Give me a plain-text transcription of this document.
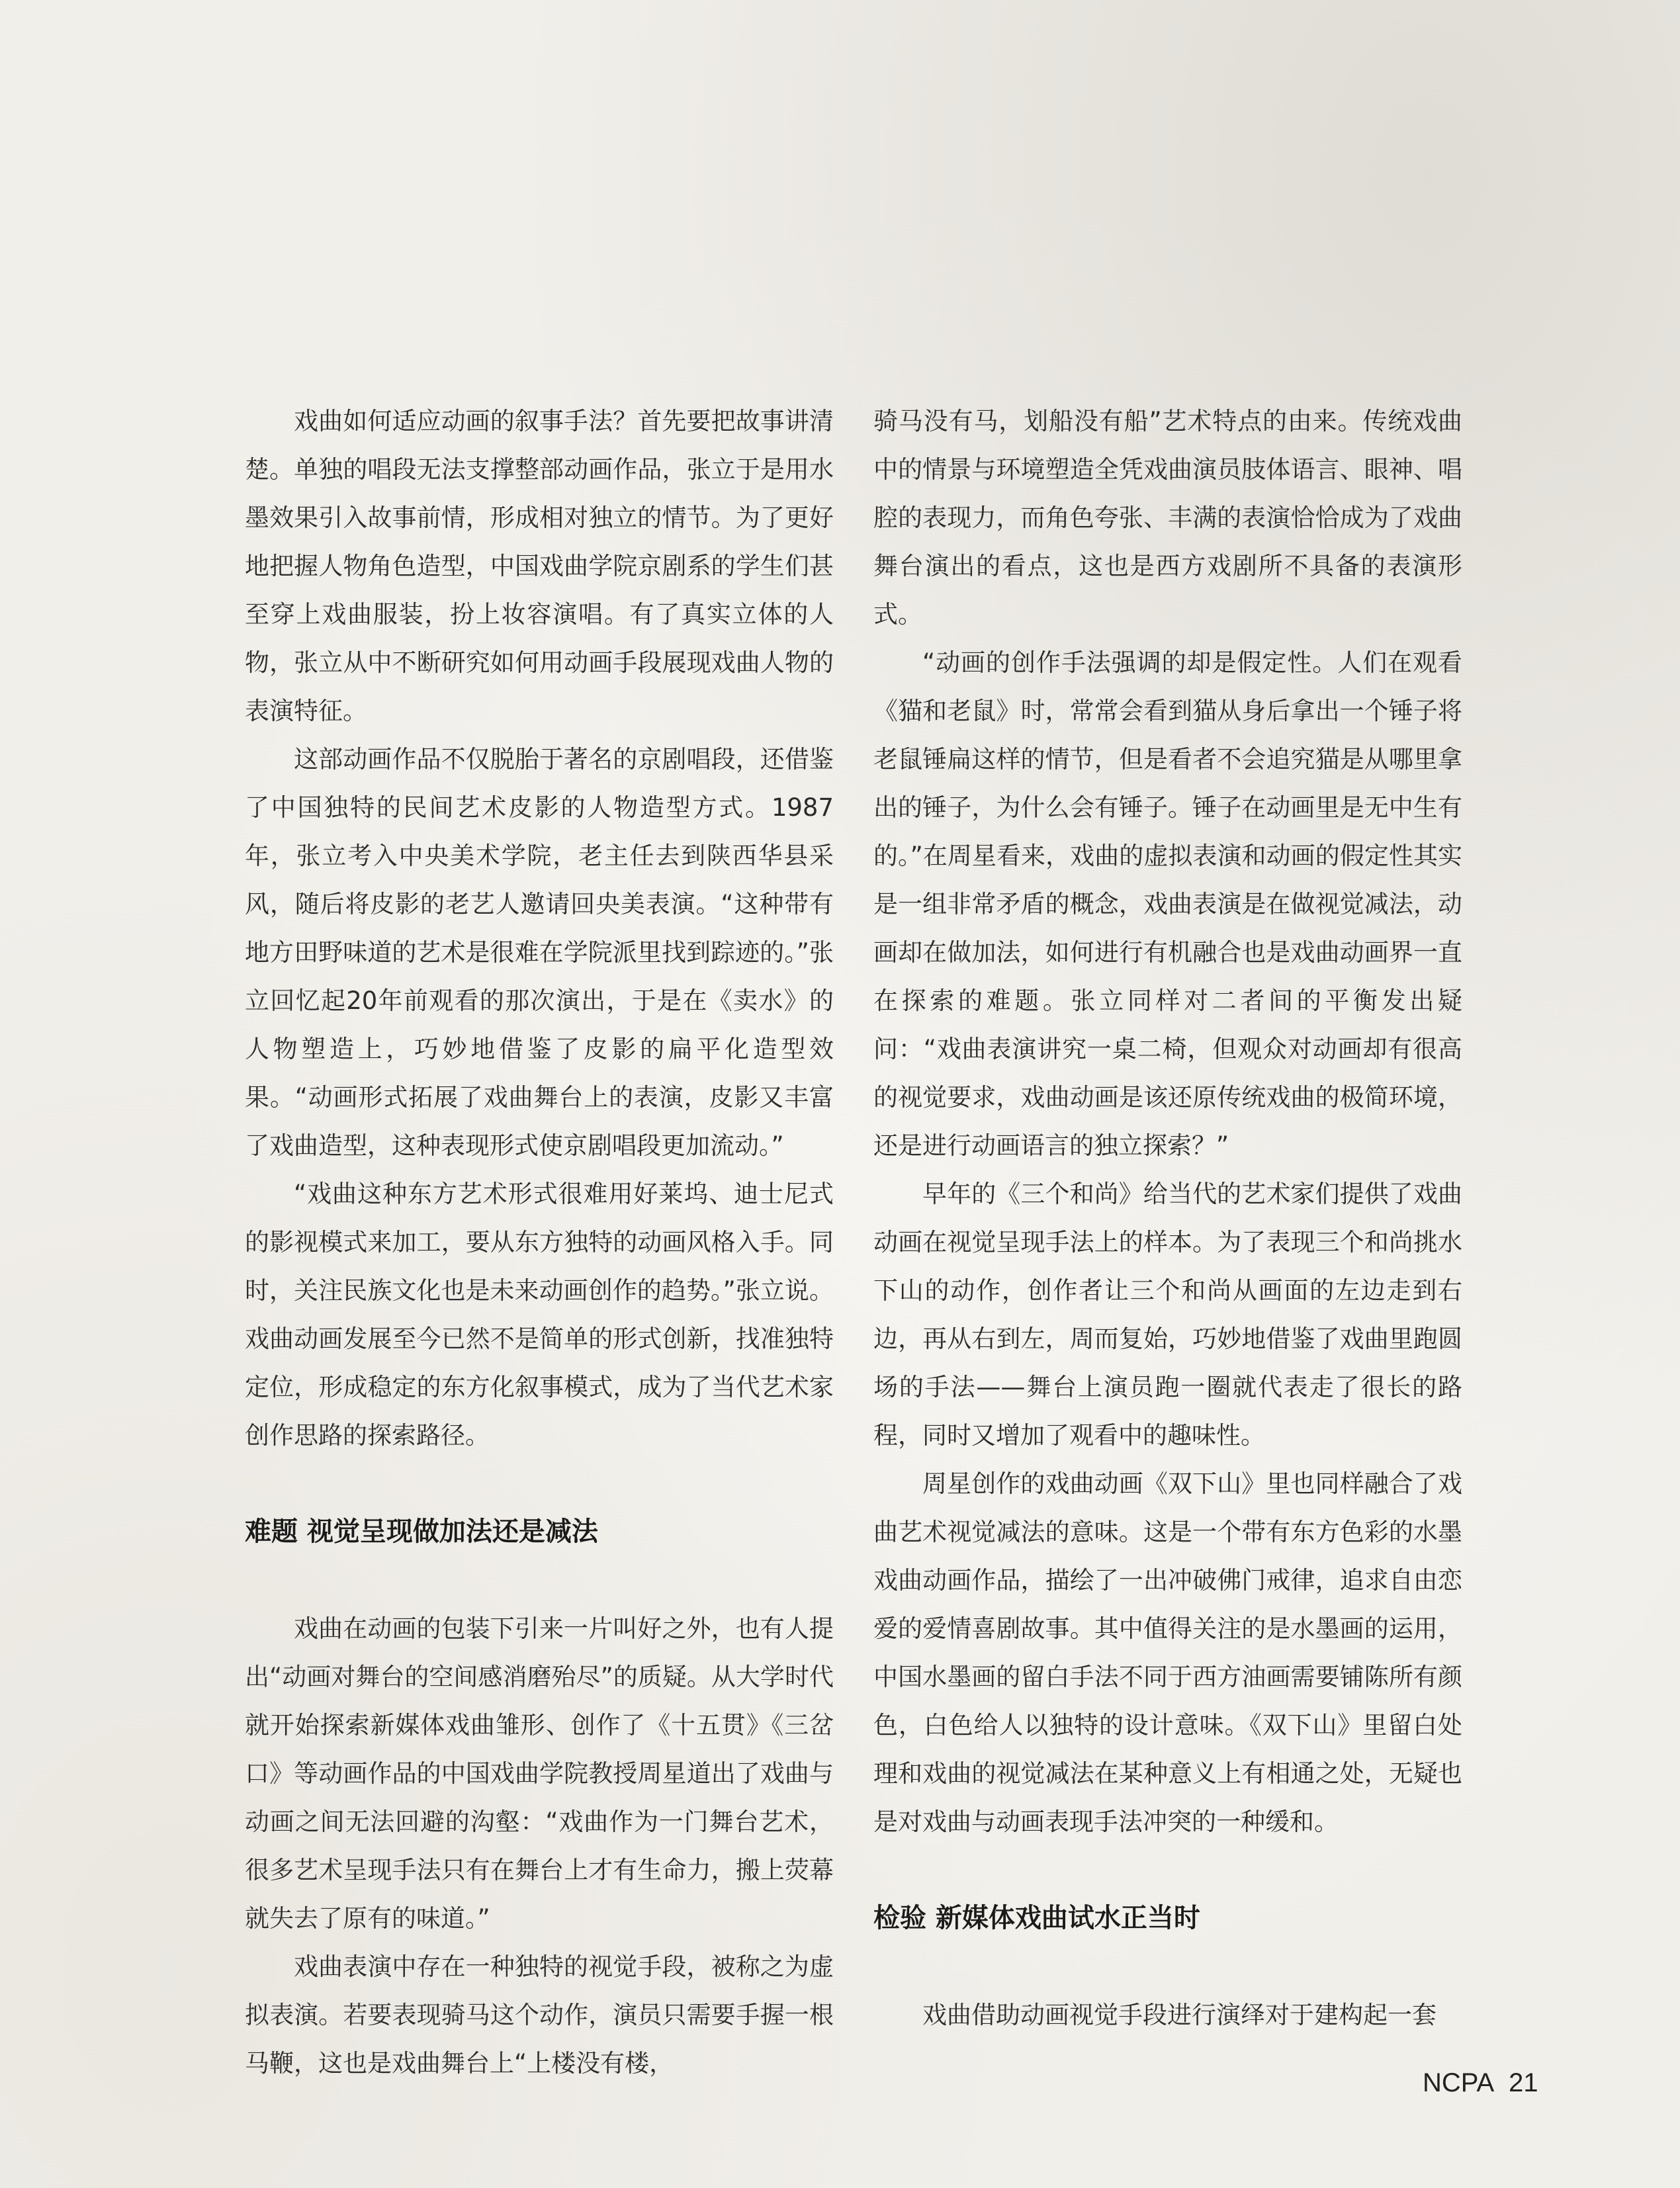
戏曲如何适应动画的叙事手法？首先要把故事讲清楚。单独的唱段无法支撑整部动画作品，张立于是用水墨效果引入故事前情，形成相对独立的情节。为了更好地把握人物角色造型，中国戏曲学院京剧系的学生们甚至穿上戏曲服装，扮上妆容演唱。有了真实立体的人物，张立从中不断研究如何用动画手段展现戏曲人物的表演特征。

这部动画作品不仅脱胎于著名的京剧唱段，还借鉴了中国独特的民间艺术皮影的人物造型方式。1987年，张立考入中央美术学院，老主任去到陕西华县采风，随后将皮影的老艺人邀请回央美表演。“这种带有地方田野味道的艺术是很难在学院派里找到踪迹的。”张立回忆起20年前观看的那次演出，于是在《卖水》的人物塑造上，巧妙地借鉴了皮影的扁平化造型效果。“动画形式拓展了戏曲舞台上的表演，皮影又丰富了戏曲造型，这种表现形式使京剧唱段更加流动。”

“戏曲这种东方艺术形式很难用好莱坞、迪士尼式的影视模式来加工，要从东方独特的动画风格入手。同时，关注民族文化也是未来动画创作的趋势。”张立说。戏曲动画发展至今已然不是简单的形式创新，找准独特定位，形成稳定的东方化叙事模式，成为了当代艺术家创作思路的探索路径。

难题 视觉呈现做加法还是减法

戏曲在动画的包装下引来一片叫好之外，也有人提出“动画对舞台的空间感消磨殆尽”的质疑。从大学时代就开始探索新媒体戏曲雏形、创作了《十五贯》《三岔口》等动画作品的中国戏曲学院教授周星道出了戏曲与动画之间无法回避的沟壑：“戏曲作为一门舞台艺术，很多艺术呈现手法只有在舞台上才有生命力，搬上荧幕就失去了原有的味道。”

戏曲表演中存在一种独特的视觉手段，被称之为虚拟表演。若要表现骑马这个动作，演员只需要手握一根马鞭，这也是戏曲舞台上“上楼没有楼，

骑马没有马，划船没有船”艺术特点的由来。传统戏曲中的情景与环境塑造全凭戏曲演员肢体语言、眼神、唱腔的表现力，而角色夸张、丰满的表演恰恰成为了戏曲舞台演出的看点，这也是西方戏剧所不具备的表演形式。

“动画的创作手法强调的却是假定性。人们在观看《猫和老鼠》时，常常会看到猫从身后拿出一个锤子将老鼠锤扁这样的情节，但是看者不会追究猫是从哪里拿出的锤子，为什么会有锤子。锤子在动画里是无中生有的。”在周星看来，戏曲的虚拟表演和动画的假定性其实是一组非常矛盾的概念，戏曲表演是在做视觉减法，动画却在做加法，如何进行有机融合也是戏曲动画界一直在探索的难题。张立同样对二者间的平衡发出疑问：“戏曲表演讲究一桌二椅，但观众对动画却有很高的视觉要求，戏曲动画是该还原传统戏曲的极简环境，还是进行动画语言的独立探索？”

早年的《三个和尚》给当代的艺术家们提供了戏曲动画在视觉呈现手法上的样本。为了表现三个和尚挑水下山的动作，创作者让三个和尚从画面的左边走到右边，再从右到左，周而复始，巧妙地借鉴了戏曲里跑圆场的手法——舞台上演员跑一圈就代表走了很长的路程，同时又增加了观看中的趣味性。

周星创作的戏曲动画《双下山》里也同样融合了戏曲艺术视觉减法的意味。这是一个带有东方色彩的水墨戏曲动画作品，描绘了一出冲破佛门戒律，追求自由恋爱的爱情喜剧故事。其中值得关注的是水墨画的运用，中国水墨画的留白手法不同于西方油画需要铺陈所有颜色，白色给人以独特的设计意味。《双下山》里留白处理和戏曲的视觉减法在某种意义上有相通之处，无疑也是对戏曲与动画表现手法冲突的一种缓和。

检验 新媒体戏曲试水正当时

戏曲借助动画视觉手段进行演绎对于建构起一套

NCPA 21
